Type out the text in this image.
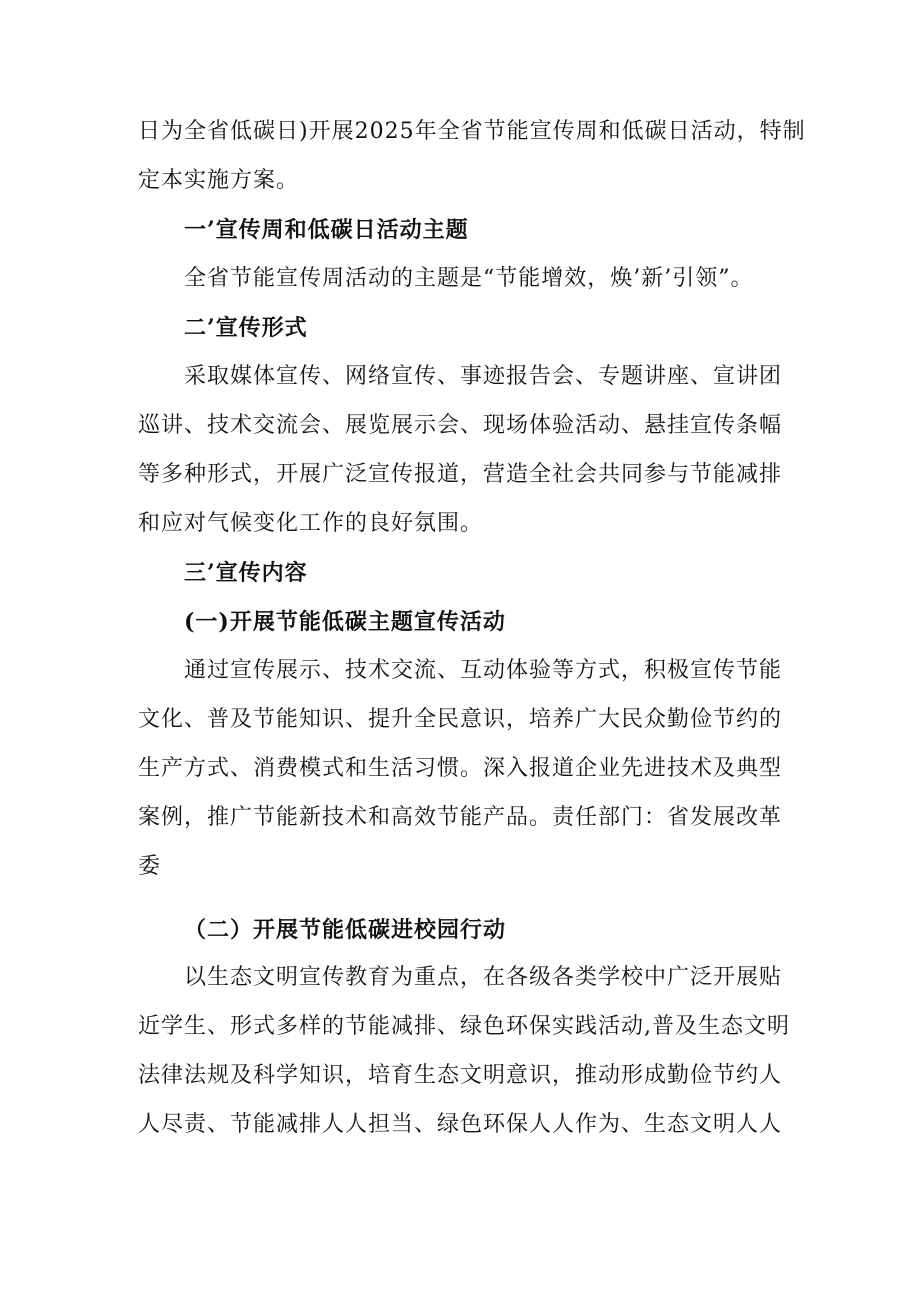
日为全省低碳日)开展2025年全省节能宣传周和低碳日活动，特制
定本实施方案。
一’宣传周和低碳日活动主题
全省节能宣传周活动的主题是“节能增效，焕’新’引领”。
二’宣传形式
采取媒体宣传、网络宣传、事迹报告会、专题讲座、宣讲团
巡讲、技术交流会、展览展示会、现场体验活动、悬挂宣传条幅
等多种形式，开展广泛宣传报道，营造全社会共同参与节能减排
和应对气候变化工作的良好氛围。
三’宣传内容
(一)开展节能低碳主题宣传活动
通过宣传展示、技术交流、互动体验等方式，积极宣传节能
文化、普及节能知识、提升全民意识，培养广大民众勤俭节约的
生产方式、消费模式和生活习惯。深入报道企业先进技术及典型
案例，推广节能新技术和高效节能产品。责任部门：省发展改革
委
（二）开展节能低碳进校园行动
以生态文明宣传教育为重点，在各级各类学校中广泛开展贴
近学生、形式多样的节能减排、绿色环保实践活动,普及生态文明
法律法规及科学知识，培育生态文明意识，推动形成勤俭节约人
人尽责、节能减排人人担当、绿色环保人人作为、生态文明人人
